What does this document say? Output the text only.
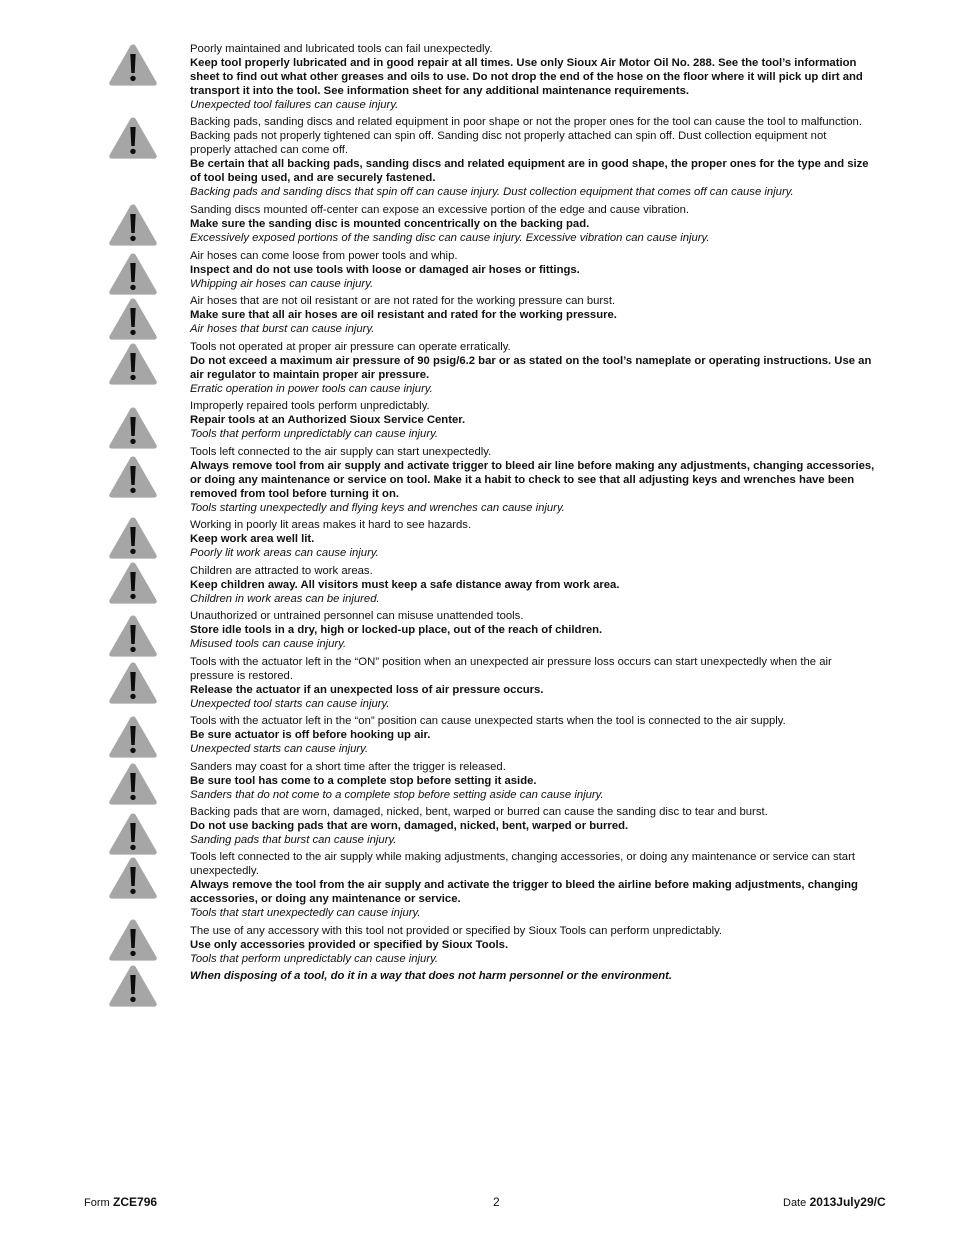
Poorly maintained and lubricated tools can fail unexpectedly.
Keep tool properly lubricated and in good repair at all times. Use only Sioux Air Motor Oil No. 288. See the tool’s information
sheet to find out what other greases and oils to use. Do not drop the end of the hose on the floor where it will pick up dirt and
transport it into the tool. See information sheet for any additional maintenance requirements.
Unexpected tool failures can cause injury.
Backing pads, sanding discs and related equipment in poor shape or not the proper ones for the tool can cause the tool to malfunction.
Backing pads not properly tightened can spin off. Sanding disc not properly attached can spin off. Dust collection equipment not
properly attached can come off.
Be certain that all backing pads, sanding discs and related equipment are in good shape, the proper ones for the type and size
of tool being used, and are securely fastened.
Backing pads and sanding discs that spin off can cause injury. Dust collection equipment that comes off can cause injury.
Sanding discs mounted off-center can expose an excessive portion of the edge and cause vibration.
Make sure the sanding disc is mounted concentrically on the backing pad.
Excessively exposed portions of the sanding disc can cause injury. Excessive vibration can cause injury.
Air hoses can come loose from power tools and whip.
Inspect and do not use tools with loose or damaged air hoses or fittings.
Whipping air hoses can cause injury.
Air hoses that are not oil resistant or are not rated for the working pressure can burst.
Make sure that all air hoses are oil resistant and rated for the working pressure.
Air hoses that burst can cause injury.
Tools not operated at proper air pressure can operate erratically.
Do not exceed a maximum air pressure of 90 psig/6.2 bar or as stated on the tool’s nameplate or operating instructions. Use an
air regulator to maintain proper air pressure.
Erratic operation in power tools can cause injury.
Improperly repaired tools perform unpredictably.
Repair tools at an Authorized Sioux Service Center.
Tools that perform unpredictably can cause injury.
Tools left connected to the air supply can start unexpectedly.
Always remove tool from air supply and activate trigger to bleed air line before making any adjustments, changing accessories,
or doing any maintenance or service on tool. Make it a habit to check to see that all adjusting keys and wrenches have been
removed from tool before turning it on.
Tools starting unexpectedly and flying keys and wrenches can cause injury.
Working in poorly lit areas makes it hard to see hazards.
Keep work area well lit.
Poorly lit work areas can cause injury.
Children are attracted to work areas.
Keep children away. All visitors must keep a safe distance away from work area.
Children in work areas can be injured.
Unauthorized or untrained personnel can misuse unattended tools.
Store idle tools in a dry, high or locked-up place, out of the reach of children.
Misused tools can cause injury.
Tools with the actuator left in the “ON” position when an unexpected air pressure loss occurs can start unexpectedly when the air
pressure is restored.
Release the actuator if an unexpected loss of air pressure occurs.
Unexpected tool starts can cause injury.
Tools with the actuator left in the “on” position can cause unexpected starts when the tool is connected to the air supply.
Be sure actuator is off before hooking up air.
Unexpected starts can cause injury.
Sanders may coast for a short time after the trigger is released.
Be sure tool has come to a complete stop before setting it aside.
Sanders that do not come to a complete stop before setting aside can cause injury.
Backing pads that are worn, damaged, nicked, bent, warped or burred can cause the sanding disc to tear and burst.
Do not use backing pads that are worn, damaged, nicked, bent, warped or burred.
Sanding pads that burst can cause injury.
Tools left connected to the air supply while making adjustments, changing accessories, or doing any maintenance or service can start
unexpectedly.
Always remove the tool from the air supply and activate the trigger to bleed the airline before making adjustments, changing
accessories, or doing any maintenance or service.
Tools that start unexpectedly can cause injury.
The use of any accessory with this tool not provided or specified by Sioux Tools can perform unpredictably.
Use only accessories provided or specified by Sioux Tools.
Tools that perform unpredictably can cause injury.
When disposing of a tool, do it in a way that does not harm personnel or the environment.
Form ZCE796	2	Date 2013July29/C
